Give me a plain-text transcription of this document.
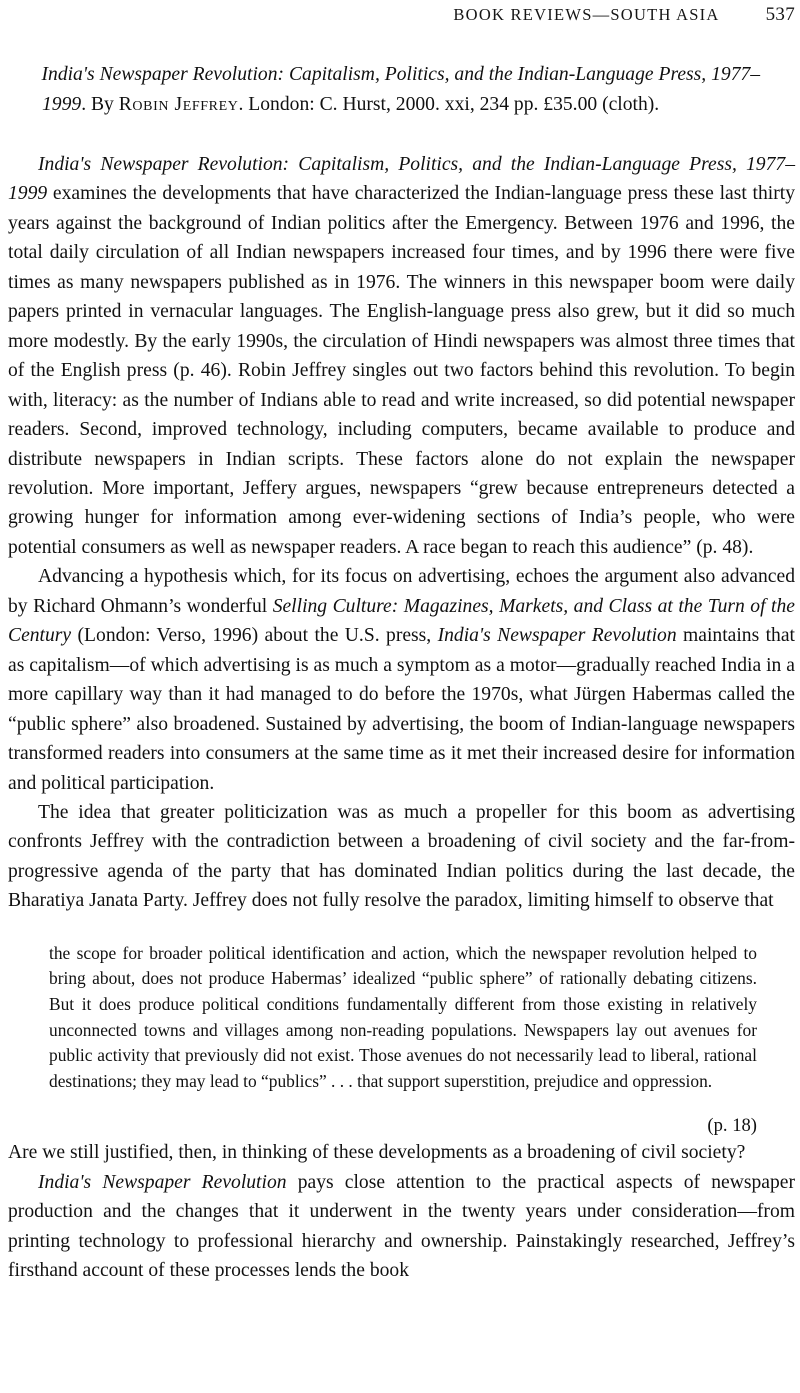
BOOK REVIEWS—SOUTH ASIA 537
India's Newspaper Revolution: Capitalism, Politics, and the Indian-Language Press, 1977–1999. By Robin Jeffrey. London: C. Hurst, 2000. xxi, 234 pp. £35.00 (cloth).

India's Newspaper Revolution: Capitalism, Politics, and the Indian-Language Press, 1977–1999 examines the developments that have characterized the Indian-language press these last thirty years against the background of Indian politics after the Emergency. Between 1976 and 1996, the total daily circulation of all Indian newspapers increased four times, and by 1996 there were five times as many newspapers published as in 1976. The winners in this newspaper boom were daily papers printed in vernacular languages. The English-language press also grew, but it did so much more modestly. By the early 1990s, the circulation of Hindi newspapers was almost three times that of the English press (p. 46). Robin Jeffrey singles out two factors behind this revolution. To begin with, literacy: as the number of Indians able to read and write increased, so did potential newspaper readers. Second, improved technology, including computers, became available to produce and distribute newspapers in Indian scripts. These factors alone do not explain the newspaper revolution. More important, Jeffery argues, newspapers “grew because entrepreneurs detected a growing hunger for information among ever-widening sections of India’s people, who were potential consumers as well as newspaper readers. A race began to reach this audience” (p. 48).

Advancing a hypothesis which, for its focus on advertising, echoes the argument also advanced by Richard Ohmann’s wonderful Selling Culture: Magazines, Markets, and Class at the Turn of the Century (London: Verso, 1996) about the U.S. press, India's Newspaper Revolution maintains that as capitalism—of which advertising is as much a symptom as a motor—gradually reached India in a more capillary way than it had managed to do before the 1970s, what Jürgen Habermas called the “public sphere” also broadened. Sustained by advertising, the boom of Indian-language newspapers transformed readers into consumers at the same time as it met their increased desire for information and political participation.

The idea that greater politicization was as much a propeller for this boom as advertising confronts Jeffrey with the contradiction between a broadening of civil society and the far-from-progressive agenda of the party that has dominated Indian politics during the last decade, the Bharatiya Janata Party. Jeffrey does not fully resolve the paradox, limiting himself to observe that

the scope for broader political identification and action, which the newspaper revolution helped to bring about, does not produce Habermas’ idealized “public sphere” of rationally debating citizens. But it does produce political conditions fundamentally different from those existing in relatively unconnected towns and villages among non-reading populations. Newspapers lay out avenues for public activity that previously did not exist. Those avenues do not necessarily lead to liberal, rational destinations; they may lead to “publics” . . . that support superstition, prejudice and oppression.

(p. 18)

Are we still justified, then, in thinking of these developments as a broadening of civil society?

India's Newspaper Revolution pays close attention to the practical aspects of newspaper production and the changes that it underwent in the twenty years under consideration—from printing technology to professional hierarchy and ownership. Painstakingly researched, Jeffrey’s firsthand account of these processes lends the book
